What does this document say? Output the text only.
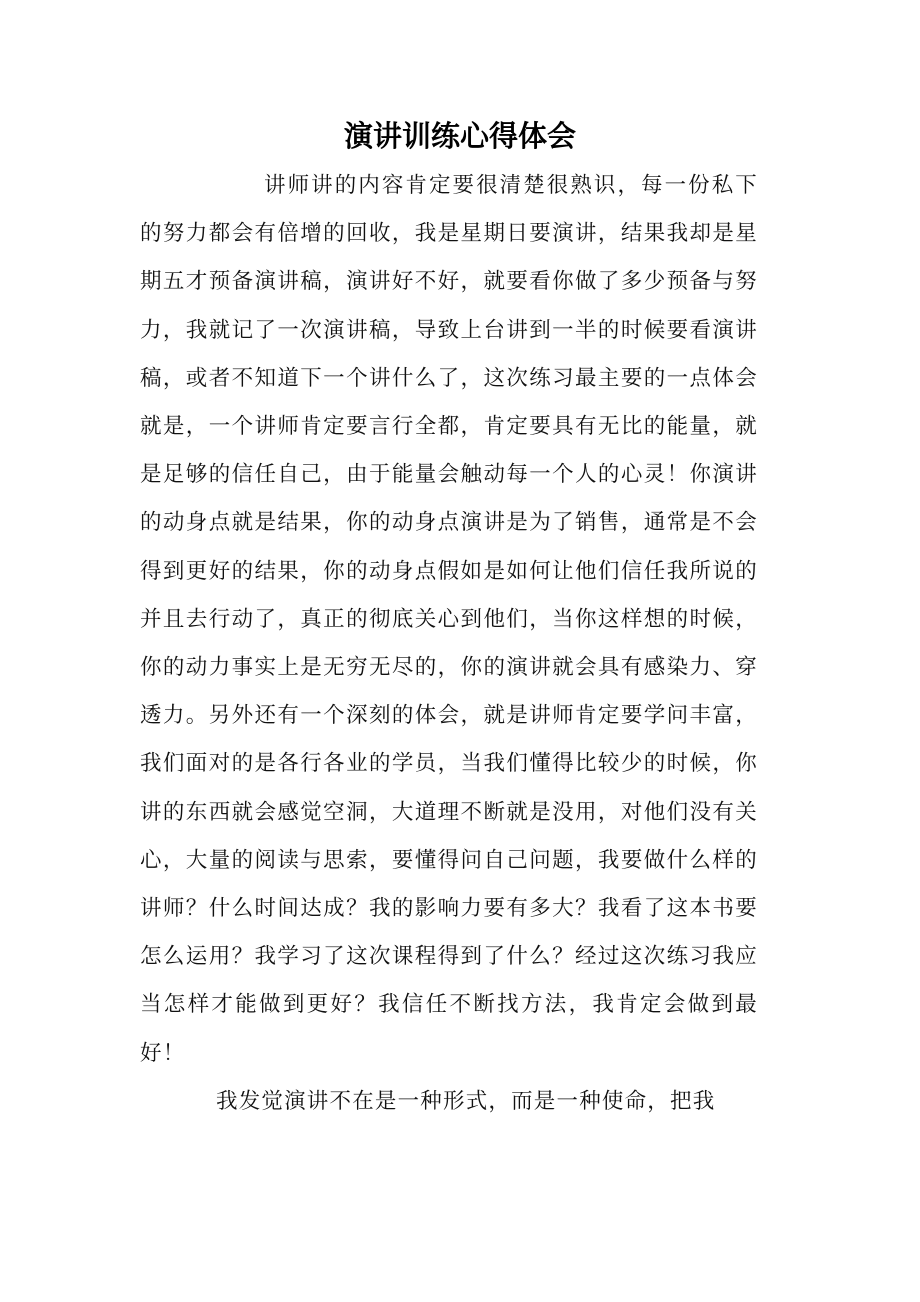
演讲训练心得体会

讲师讲的内容肯定要很清楚很熟识，每一份私下的努力都会有倍增的回收，我是星期日要演讲，结果我却是星期五才预备演讲稿，演讲好不好，就要看你做了多少预备与努力，我就记了一次演讲稿，导致上台讲到一半的时候要看演讲稿，或者不知道下一个讲什么了，这次练习最主要的一点体会就是，一个讲师肯定要言行全都，肯定要具有无比的能量，就是足够的信任自己，由于能量会触动每一个人的心灵！你演讲的动身点就是结果，你的动身点演讲是为了销售，通常是不会得到更好的结果，你的动身点假如是如何让他们信任我所说的并且去行动了，真正的彻底关心到他们，当你这样想的时候，你的动力事实上是无穷无尽的，你的演讲就会具有感染力、穿透力。另外还有一个深刻的体会，就是讲师肯定要学问丰富，我们面对的是各行各业的学员，当我们懂得比较少的时候，你讲的东西就会感觉空洞，大道理不断就是没用，对他们没有关心，大量的阅读与思索，要懂得问自己问题，我要做什么样的讲师？什么时间达成？我的影响力要有多大？我看了这本书要怎么运用？我学习了这次课程得到了什么？经过这次练习我应当怎样才能做到更好？我信任不断找方法，我肯定会做到最好！

我发觉演讲不在是一种形式，而是一种使命，把我
